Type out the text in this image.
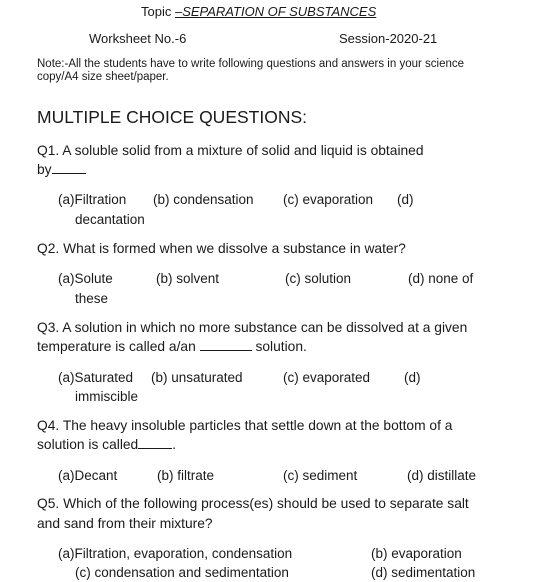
Topic –SEPARATION OF SUBSTANCES
Worksheet No.-6	Session-2020-21
Note:-All the students have to write following questions and answers in your science
copy/A4 size sheet/paper.
MULTIPLE CHOICE QUESTIONS:
Q1. A soluble solid from a mixture of solid and liquid is obtained
by
(a)Filtration (b) condensation (c) evaporation (d)
decantation
Q2. What is formed when we dissolve a substance in water?
(a)Solute	(b) solvent	(c) solution	(d) none of
these
Q3. A solution in which no more substance can be dissolved at a given
temperature is called a/an	solution.
(a)Saturated (b) unsaturated	(c) evaporated	(d)
immiscible
Q4. The heavy insoluble particles that settle down at the bottom of a
solution is called .
(a)Decant	(b) filtrate	(c) sediment	(d) distillate
Q5. Which of the following process(es) should be used to separate salt
and sand from their mixture?
(a)Filtration, evaporation, condensation	(b) evaporation
(c) condensation and sedimentation	(d) sedimentation
